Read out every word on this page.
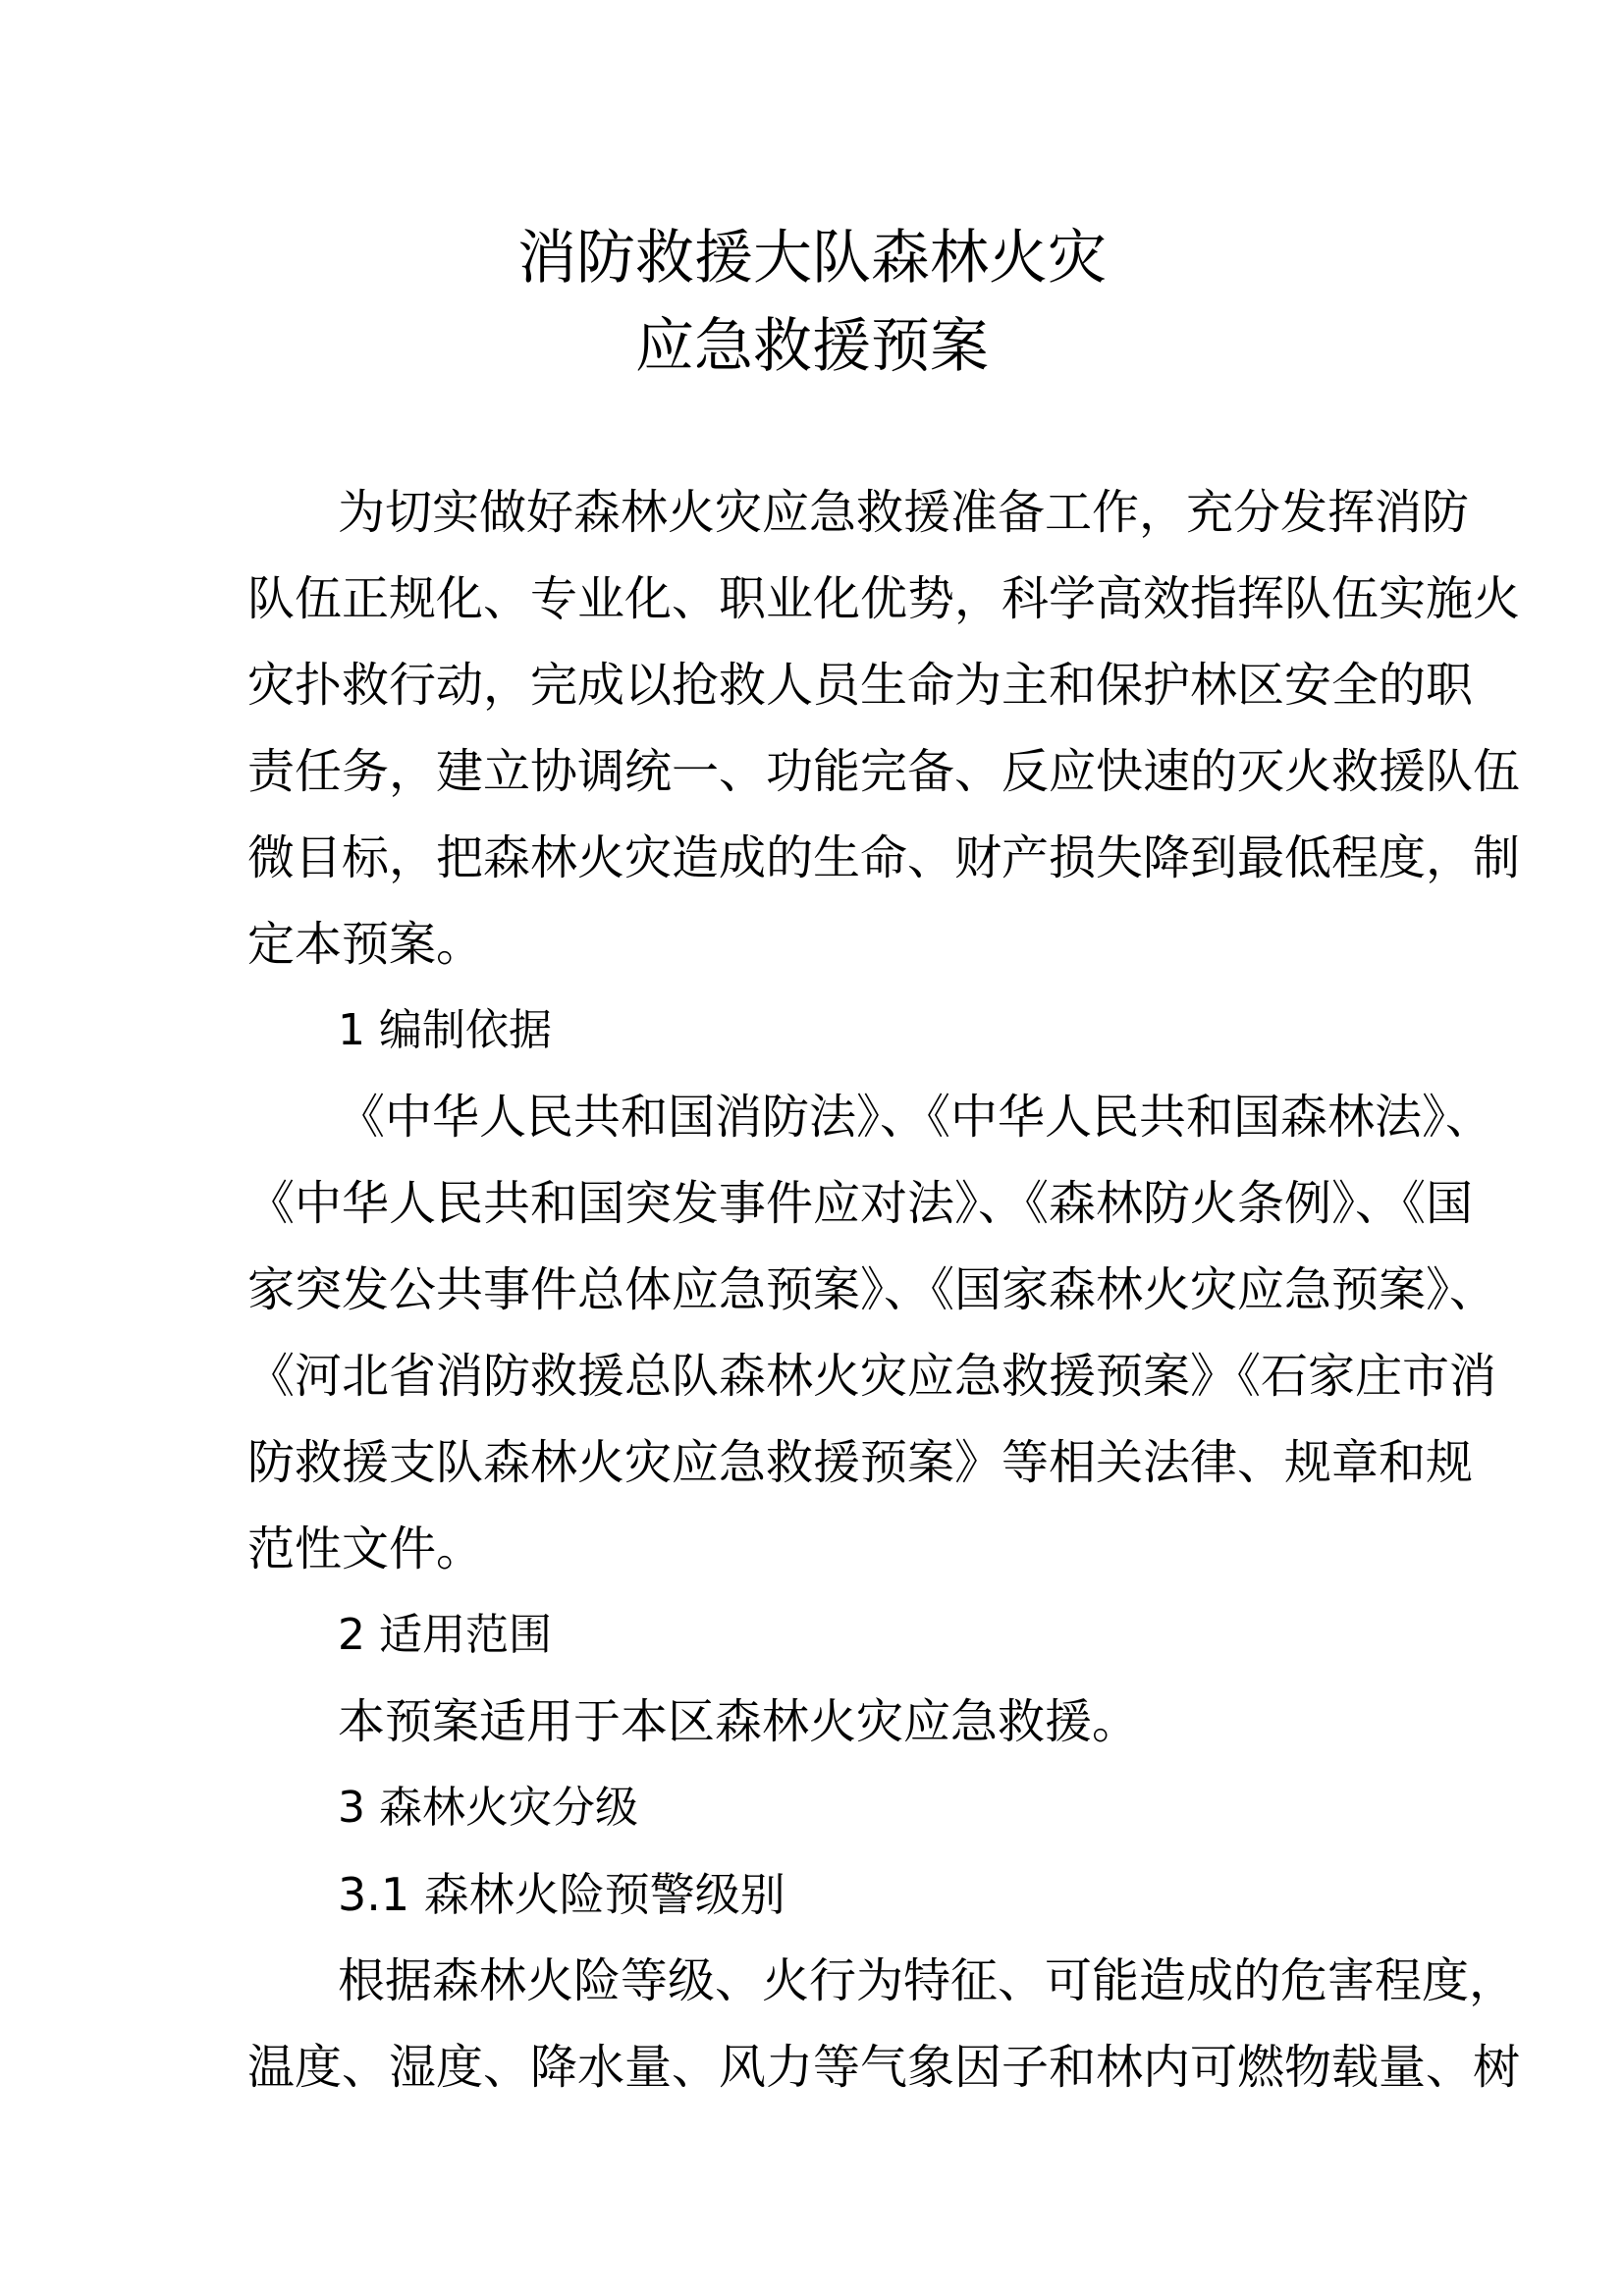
消防救援大队森林火灾
应急救援预案
为切实做好森林火灾应急救援准备工作，充分发挥消防
队伍正规化、专业化、职业化优势，科学高效指挥队伍实施火
灾扑救行动，完成以抢救人员生命为主和保护林区安全的职
责任务，建立协调统一、功能完备、反应快速的灭火救援队伍
微目标，把森林火灾造成的生命、财产损失降到最低程度，制
定本预案。
1 编制依据
《中华人民共和国消防法》、《中华人民共和国森林法》、
《中华人民共和国突发事件应对法》、《森林防火条例》、《国
家突发公共事件总体应急预案》、《国家森林火灾应急预案》、
《河北省消防救援总队森林火灾应急救援预案》《石家庄市消
防救援支队森林火灾应急救援预案》等相关法律、规章和规
范性文件。
2 适用范围
本预案适用于本区森林火灾应急救援。
3 森林火灾分级
3.1 森林火险预警级别
根据森林火险等级、火行为特征、可能造成的危害程度，
温度、湿度、降水量、风力等气象因子和林内可燃物载量、树
